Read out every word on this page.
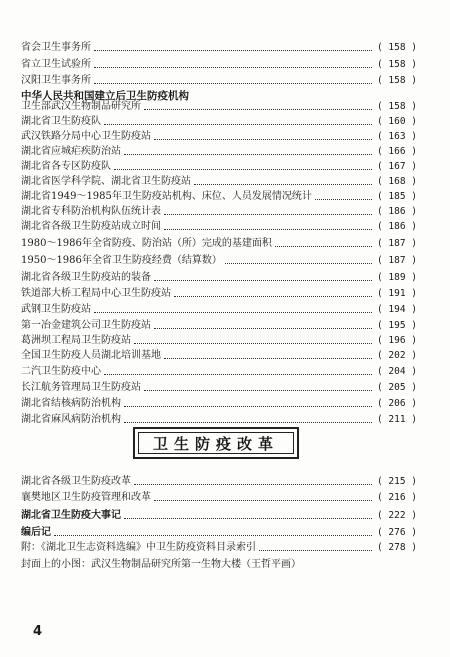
省会卫生事务所	( 158 )
省立卫生试验所	( 158 )
汉阳卫生事务所	( 158 )
中华人民共和国建立后卫生防疫机构
卫生部武汉生物制品研究所	( 158 )
湖北省卫生防疫队	( 160 )
武汉铁路分局中心卫生防疫站	( 163 )
湖北省应城疟疾防治站	( 166 )
湖北省各专区防疫队	( 167 )
湖北省医学科学院、湖北省卫生防疫站	( 168 )
湖北省1949～1985年卫生防疫站机构、床位、人员发展情况统计	( 185 )
湖北省专科防治机构队伍统计表	( 186 )
湖北省各级卫生防疫站成立时间	( 186 )
1980～1986年全省防疫、防治站（所）完成的基建面积	( 187 )
1950～1986年全省卫生防疫经费（结算数）	( 187 )
湖北省各级卫生防疫站的装备	( 189 )
铁道部大桥工程局中心卫生防疫站	( 191 )
武钢卫生防疫站	( 194 )
第一冶金建筑公司卫生防疫站	( 195 )
葛洲坝工程局卫生防疫站	( 196 )
全国卫生防疫人员湖北培训基地	( 202 )
二汽卫生防疫中心	( 204 )
长江航务管理局卫生防疫站	( 205 )
湖北省结核病防治机构	( 206 )
湖北省麻风病防治机构	( 211 )
卫生防疫改革
湖北省各级卫生防疫改革	( 215 )
襄樊地区卫生防疫管理和改革	( 216 )
湖北省卫生防疫大事记	( 222 )
编后记	( 276 )
附：《湖北卫生志资料选编》中卫生防疫资料目录索引	( 278 )
封面上的小图：武汉生物制品研究所第一生物大楼（王哲平画）
4
